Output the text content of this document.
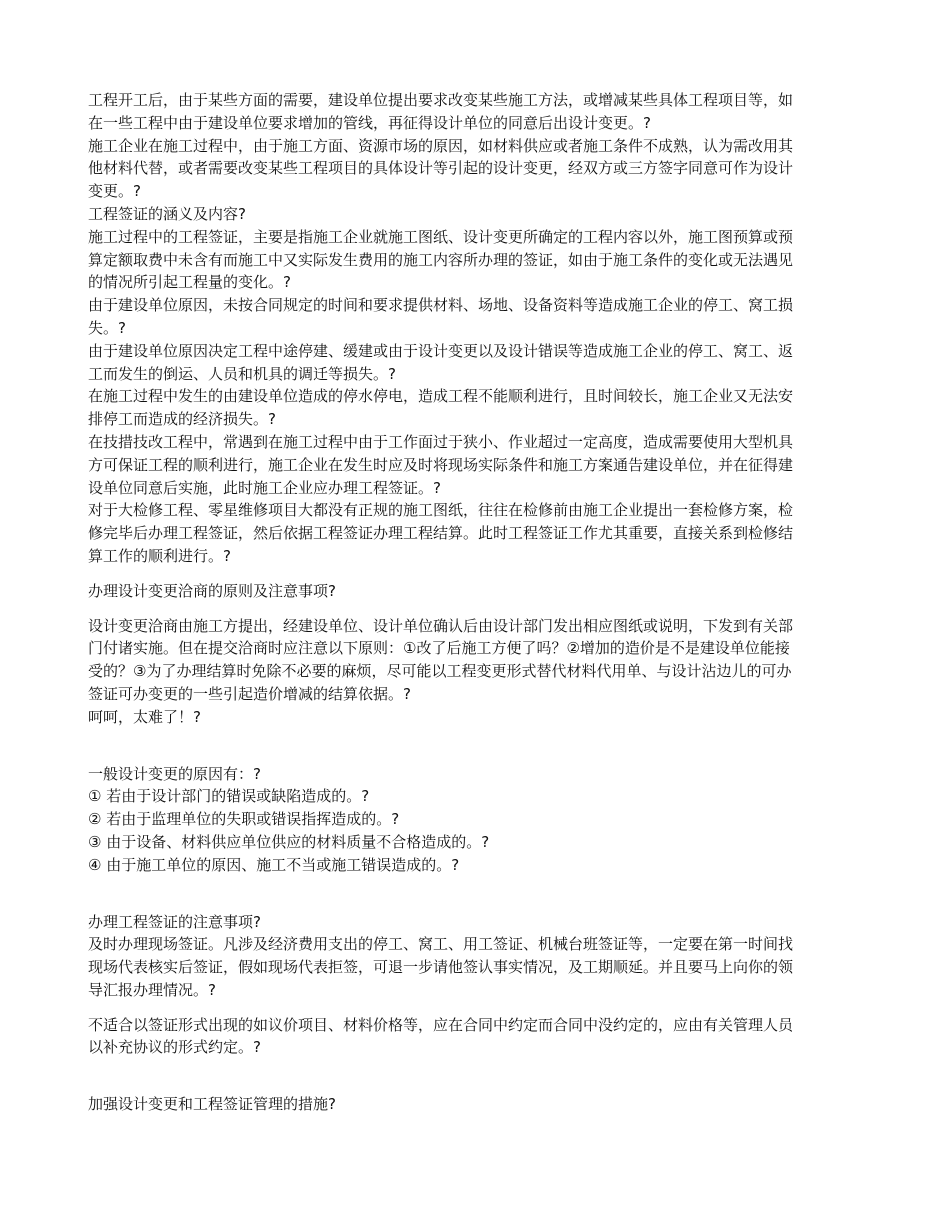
工程开工后，由于某些方面的需要，建设单位提出要求改变某些施工方法，或增减某些具体工程项目等，如
在一些工程中由于建设单位要求增加的管线，再征得设计单位的同意后出设计变更。?
施工企业在施工过程中，由于施工方面、资源市场的原因，如材料供应或者施工条件不成熟，认为需改用其
他材料代替，或者需要改变某些工程项目的具体设计等引起的设计变更，经双方或三方签字同意可作为设计
变更。?
工程签证的涵义及内容?
施工过程中的工程签证，主要是指施工企业就施工图纸、设计变更所确定的工程内容以外，施工图预算或预
算定额取费中未含有而施工中又实际发生费用的施工内容所办理的签证，如由于施工条件的变化或无法遇见
的情况所引起工程量的变化。?
由于建设单位原因，未按合同规定的时间和要求提供材料、场地、设备资料等造成施工企业的停工、窝工损
失。?
由于建设单位原因决定工程中途停建、缓建或由于设计变更以及设计错误等造成施工企业的停工、窝工、返
工而发生的倒运、人员和机具的调迁等损失。?
在施工过程中发生的由建设单位造成的停水停电，造成工程不能顺利进行，且时间较长，施工企业又无法安
排停工而造成的经济损失。?
在技措技改工程中，常遇到在施工过程中由于工作面过于狭小、作业超过一定高度，造成需要使用大型机具
方可保证工程的顺利进行，施工企业在发生时应及时将现场实际条件和施工方案通告建设单位，并在征得建
设单位同意后实施，此时施工企业应办理工程签证。?
对于大检修工程、零星维修项目大都没有正规的施工图纸，往往在检修前由施工企业提出一套检修方案，检
修完毕后办理工程签证，然后依据工程签证办理工程结算。此时工程签证工作尤其重要，直接关系到检修结
算工作的顺利进行。?
办理设计变更洽商的原则及注意事项?
设计变更洽商由施工方提出，经建设单位、设计单位确认后由设计部门发出相应图纸或说明，下发到有关部
门付诸实施。但在提交洽商时应注意以下原则：①改了后施工方便了吗？②增加的造价是不是建设单位能接
受的？③为了办理结算时免除不必要的麻烦，尽可能以工程变更形式替代材料代用单、与设计沾边儿的可办
签证可办变更的一些引起造价增减的结算依据。?
呵呵，太难了！?
一般设计变更的原因有：?
① 若由于设计部门的错误或缺陷造成的。?
② 若由于监理单位的失职或错误指挥造成的。?
③ 由于设备、材料供应单位供应的材料质量不合格造成的。?
④ 由于施工单位的原因、施工不当或施工错误造成的。?
办理工程签证的注意事项?
及时办理现场签证。凡涉及经济费用支出的停工、窝工、用工签证、机械台班签证等，一定要在第一时间找
现场代表核实后签证，假如现场代表拒签，可退一步请他签认事实情况，及工期顺延。并且要马上向你的领
导汇报办理情况。?
不适合以签证形式出现的如议价项目、材料价格等，应在合同中约定而合同中没约定的，应由有关管理人员
以补充协议的形式约定。?
加强设计变更和工程签证管理的措施?
